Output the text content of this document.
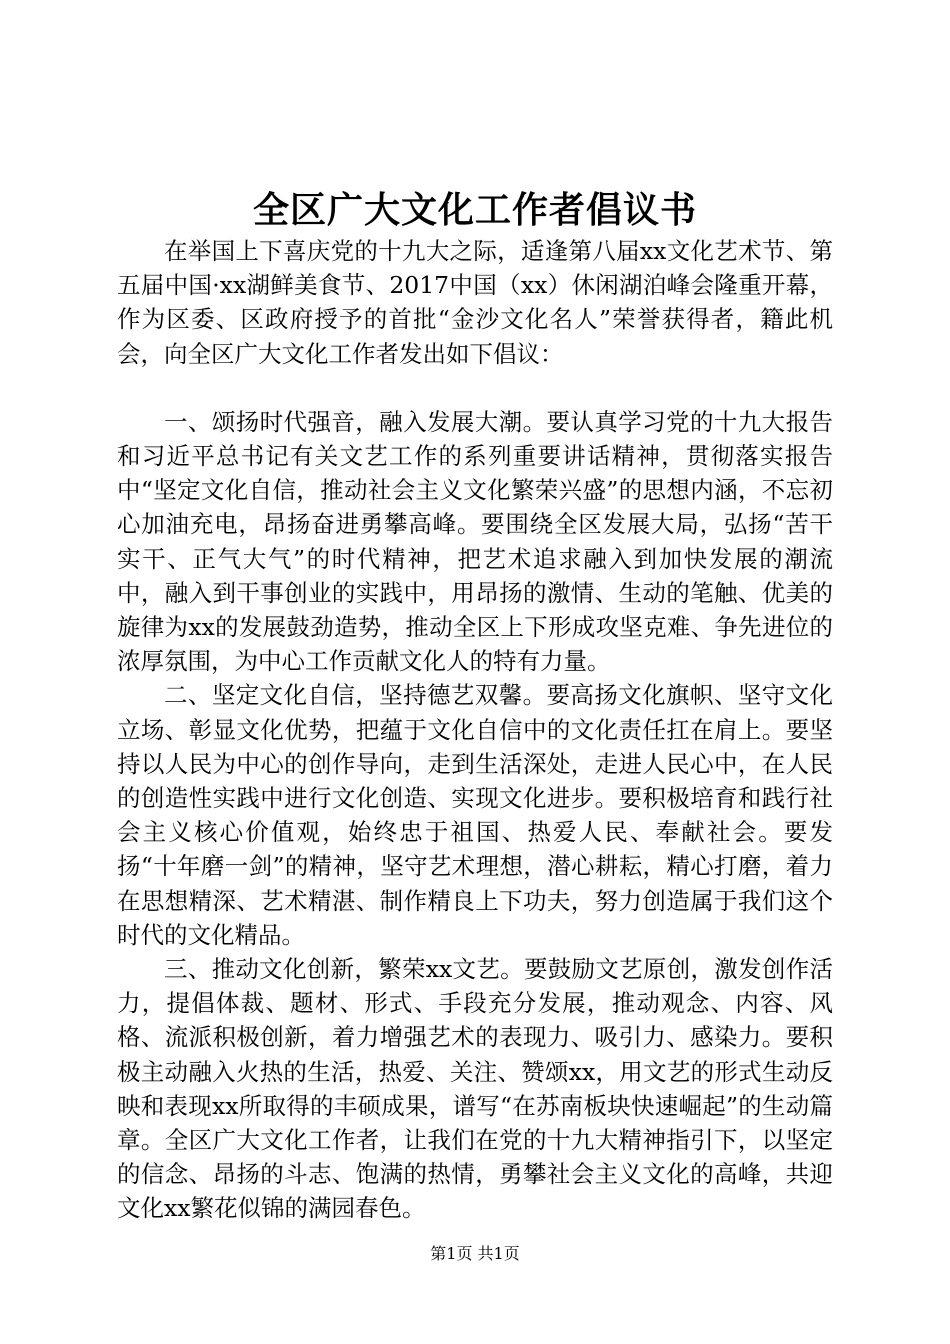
全区广大文化工作者倡议书

在举国上下喜庆党的十九大之际，适逢第八届xx文化艺术节、第五届中国·xx湖鲜美食节、2017中国（xx）休闲湖泊峰会隆重开幕，作为区委、区政府授予的首批“金沙文化名人”荣誉获得者，籍此机会，向全区广大文化工作者发出如下倡议：

一、颂扬时代强音，融入发展大潮。要认真学习党的十九大报告和习近平总书记有关文艺工作的系列重要讲话精神，贯彻落实报告中“坚定文化自信，推动社会主义文化繁荣兴盛”的思想内涵，不忘初心加油充电，昂扬奋进勇攀高峰。要围绕全区发展大局，弘扬“苦干实干、正气大气”的时代精神，把艺术追求融入到加快发展的潮流中，融入到干事创业的实践中，用昂扬的激情、生动的笔触、优美的旋律为xx的发展鼓劲造势，推动全区上下形成攻坚克难、争先进位的浓厚氛围，为中心工作贡献文化人的特有力量。

二、坚定文化自信，坚持德艺双馨。要高扬文化旗帜、坚守文化立场、彰显文化优势，把蕴于文化自信中的文化责任扛在肩上。要坚持以人民为中心的创作导向，走到生活深处，走进人民心中，在人民的创造性实践中进行文化创造、实现文化进步。要积极培育和践行社会主义核心价值观，始终忠于祖国、热爱人民、奉献社会。要发扬“十年磨一剑”的精神，坚守艺术理想，潜心耕耘，精心打磨，着力在思想精深、艺术精湛、制作精良上下功夫，努力创造属于我们这个时代的文化精品。

三、推动文化创新，繁荣xx文艺。要鼓励文艺原创，激发创作活力，提倡体裁、题材、形式、手段充分发展，推动观念、内容、风格、流派积极创新，着力增强艺术的表现力、吸引力、感染力。要积极主动融入火热的生活，热爱、关注、赞颂xx，用文艺的形式生动反映和表现xx所取得的丰硕成果，谱写“在苏南板块快速崛起”的生动篇章。全区广大文化工作者，让我们在党的十九大精神指引下，以坚定的信念、昂扬的斗志、饱满的热情，勇攀社会主义文化的高峰，共迎文化xx繁花似锦的满园春色。

第1页 共1页
